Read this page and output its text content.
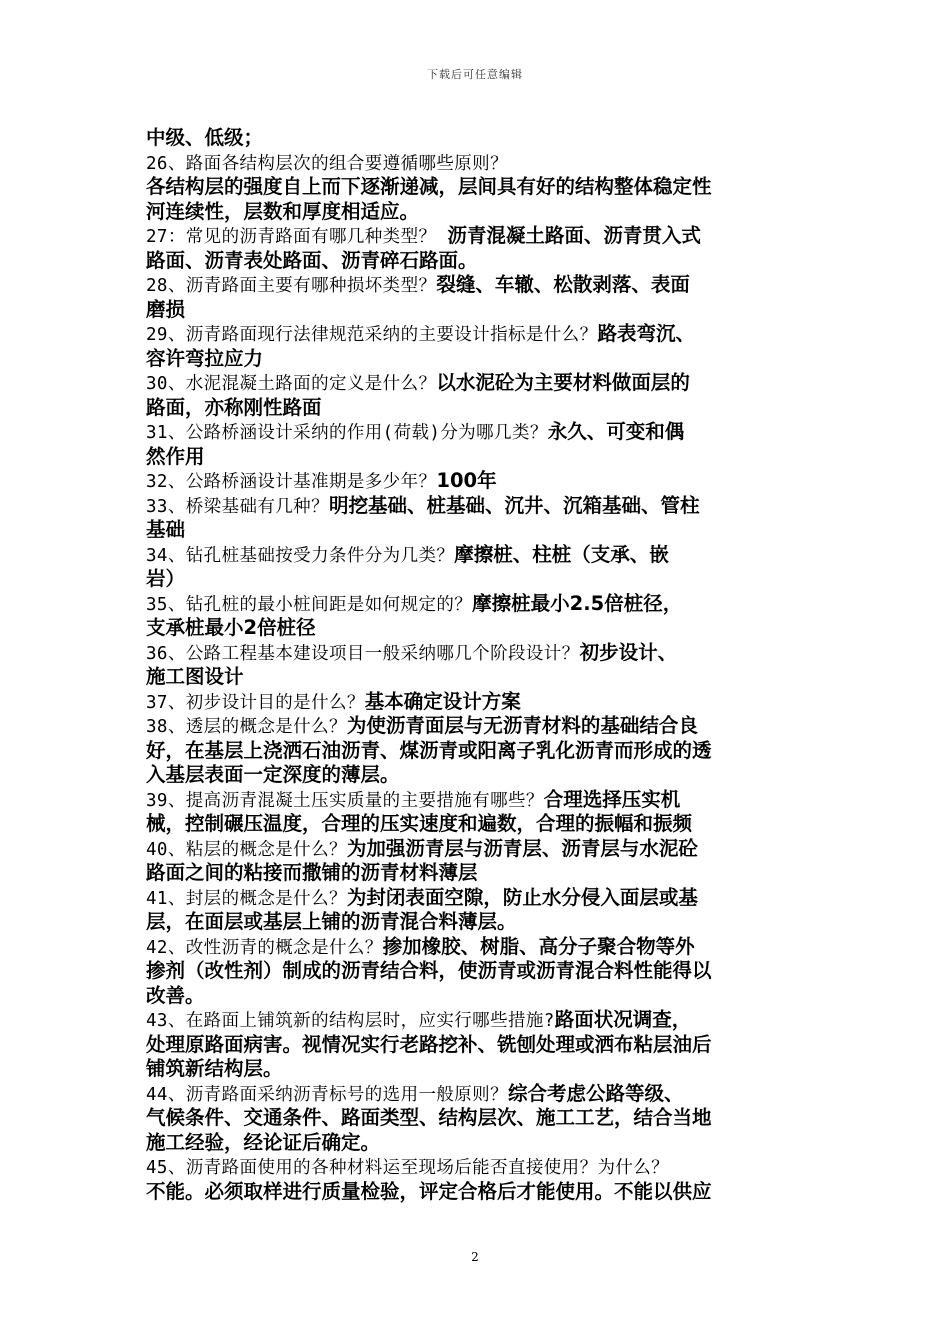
下载后可任意编辑
中级、低级；
26、路面各结构层次的组合要遵循哪些原则？
各结构层的强度自上而下逐渐递减，层间具有好的结构整体稳定性
河连续性，层数和厚度相适应。
27：常见的沥青路面有哪几种类型？ 沥青混凝土路面、沥青贯入式
路面、沥青表处路面、沥青碎石路面。
28、沥青路面主要有哪种损坏类型？裂缝、车辙、松散剥落、表面
磨损
29、沥青路面现行法律规范采纳的主要设计指标是什么？路表弯沉、
容许弯拉应力
30、水泥混凝土路面的定义是什么？以水泥砼为主要材料做面层的
路面，亦称刚性路面
31、公路桥涵设计采纳的作用(荷载)分为哪几类？永久、可变和偶
然作用
32、公路桥涵设计基准期是多少年？100年
33、桥梁基础有几种？明挖基础、桩基础、沉井、沉箱基础、管柱
基础
34、钻孔桩基础按受力条件分为几类？摩擦桩、柱桩（支承、嵌
岩）
35、钻孔桩的最小桩间距是如何规定的？摩擦桩最小2.5倍桩径，
支承桩最小2倍桩径
36、公路工程基本建设项目一般采纳哪几个阶段设计？初步设计、
施工图设计
37、初步设计目的是什么？基本确定设计方案
38、透层的概念是什么？为使沥青面层与无沥青材料的基础结合良
好，在基层上浇洒石油沥青、煤沥青或阳离子乳化沥青而形成的透
入基层表面一定深度的薄层。
39、提高沥青混凝土压实质量的主要措施有哪些？合理选择压实机
械，控制碾压温度，合理的压实速度和遍数，合理的振幅和振频
40、粘层的概念是什么？为加强沥青层与沥青层、沥青层与水泥砼
路面之间的粘接而撒铺的沥青材料薄层
41、封层的概念是什么？为封闭表面空隙，防止水分侵入面层或基
层，在面层或基层上铺的沥青混合料薄层。
42、改性沥青的概念是什么？掺加橡胶、树脂、高分子聚合物等外
掺剂（改性剂）制成的沥青结合料，使沥青或沥青混合料性能得以
改善。
43、在路面上铺筑新的结构层时，应实行哪些措施?路面状况调查，
处理原路面病害。视情况实行老路挖补、铣刨处理或洒布粘层油后
铺筑新结构层。
44、沥青路面采纳沥青标号的选用一般原则？综合考虑公路等级、
气候条件、交通条件、路面类型、结构层次、施工工艺，结合当地
施工经验，经论证后确定。
45、沥青路面使用的各种材料运至现场后能否直接使用？为什么？
不能。必须取样进行质量检验，评定合格后才能使用。不能以供应
2
